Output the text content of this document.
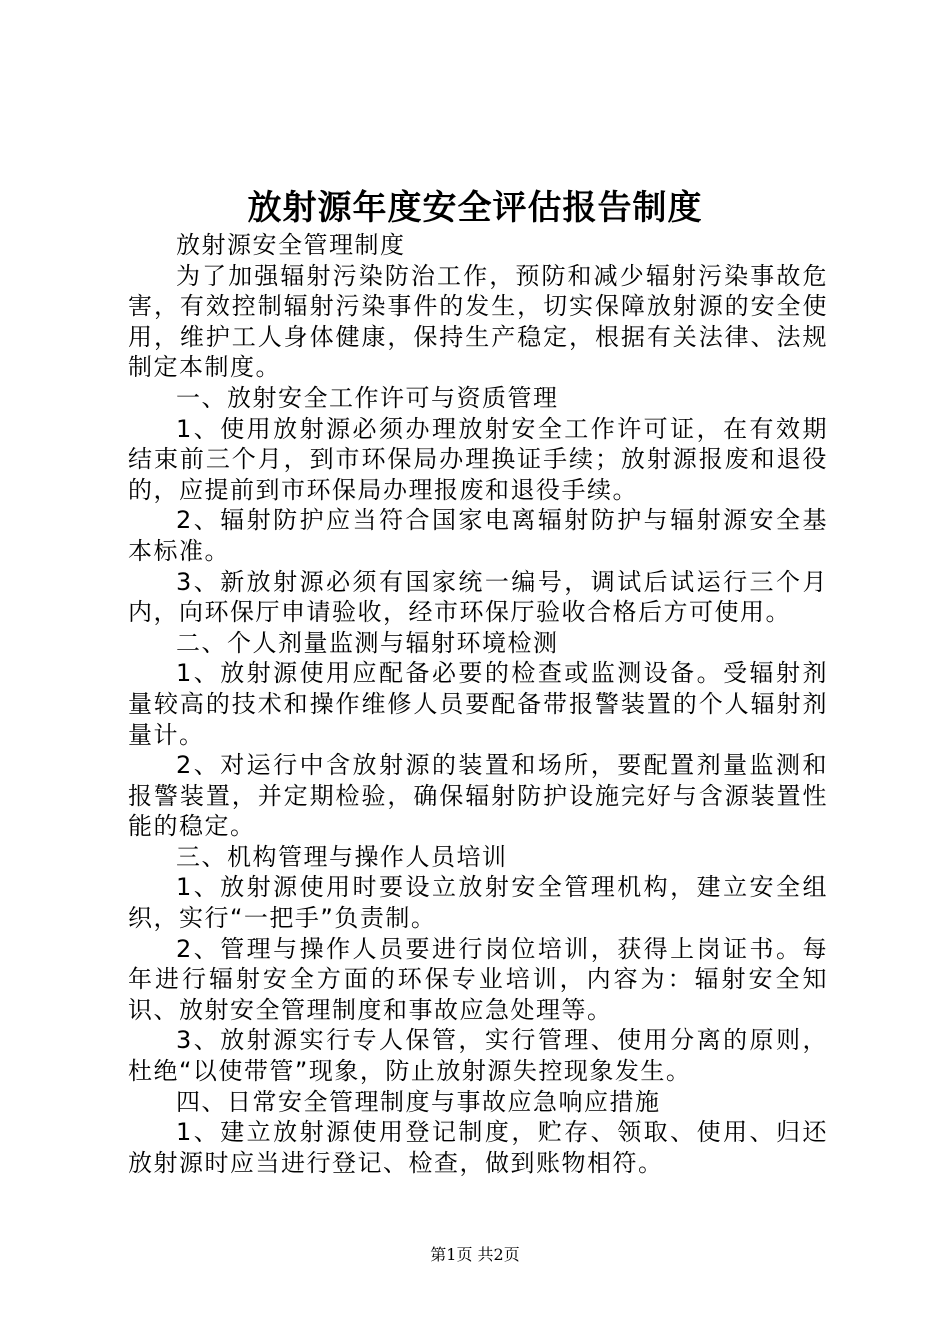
放射源年度安全评估报告制度

放射源安全管理制度

为了加强辐射污染防治工作，预防和减少辐射污染事故危害，有效控制辐射污染事件的发生，切实保障放射源的安全使用，维护工人身体健康，保持生产稳定，根据有关法律、法规制定本制度。

一、放射安全工作许可与资质管理

1、使用放射源必须办理放射安全工作许可证，在有效期结束前三个月，到市环保局办理换证手续；放射源报废和退役的，应提前到市环保局办理报废和退役手续。

2、辐射防护应当符合国家电离辐射防护与辐射源安全基本标准。

3、新放射源必须有国家统一编号，调试后试运行三个月内，向环保厅申请验收，经市环保厅验收合格后方可使用。

二、个人剂量监测与辐射环境检测

1、放射源使用应配备必要的检查或监测设备。受辐射剂量较高的技术和操作维修人员要配备带报警装置的个人辐射剂量计。

2、对运行中含放射源的装置和场所，要配置剂量监测和报警装置，并定期检验，确保辐射防护设施完好与含源装置性能的稳定。

三、机构管理与操作人员培训

1、放射源使用时要设立放射安全管理机构，建立安全组织，实行“一把手”负责制。

2、管理与操作人员要进行岗位培训，获得上岗证书。每年进行辐射安全方面的环保专业培训，内容为：辐射安全知识、放射安全管理制度和事故应急处理等。

3、放射源实行专人保管，实行管理、使用分离的原则，杜绝“以使带管”现象，防止放射源失控现象发生。

四、日常安全管理制度与事故应急响应措施

1、建立放射源使用登记制度，贮存、领取、使用、归还放射源时应当进行登记、检查，做到账物相符。

第1页 共2页
